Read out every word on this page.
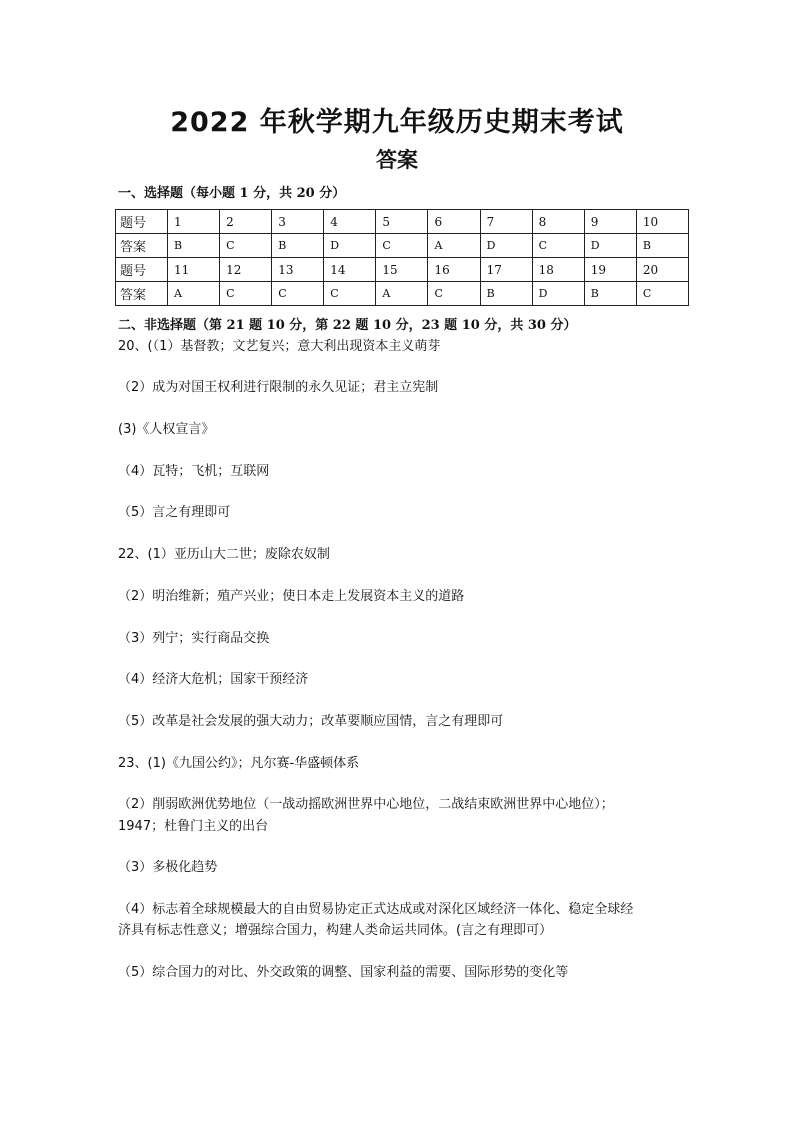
2022 年秋学期九年级历史期末考试
答案
一、选择题（每小题 1 分，共 20 分）
题号	1	2	3	4	5	6	7	8	9	10
答案	B	C	B	D	C	A	D	C	D	B
题号	11	12	13	14	15	16	17	18	19	20
答案	A	C	C	C	A	C	B	D	B	C
二、非选择题（第 21 题 10 分，第 22 题 10 分，23 题 10 分，共 30 分）
20、(（1）基督教；文艺复兴；意大利出现资本主义萌芽
（2）成为对国王权利进行限制的永久见证；君主立宪制
(3)《人权宣言》
（4）瓦特；飞机；互联网
（5）言之有理即可
22、(1）亚历山大二世；废除农奴制
（2）明治维新；殖产兴业；使日本走上发展资本主义的道路
（3）列宁；实行商品交换
（4）经济大危机；国家干预经济
（5）改革是社会发展的强大动力；改革要顺应国情，言之有理即可
23、(1)《九国公约》；凡尔赛-华盛顿体系
（2）削弱欧洲优势地位（一战动摇欧洲世界中心地位，二战结束欧洲世界中心地位）；
1947；杜鲁门主义的出台
（3）多极化趋势
（4）标志着全球规模最大的自由贸易协定正式达成或对深化区域经济一体化、稳定全球经
济具有标志性意义；增强综合国力，构建人类命运共同体。(言之有理即可）
（5）综合国力的对比、外交政策的调整、国家利益的需要、国际形势的变化等
